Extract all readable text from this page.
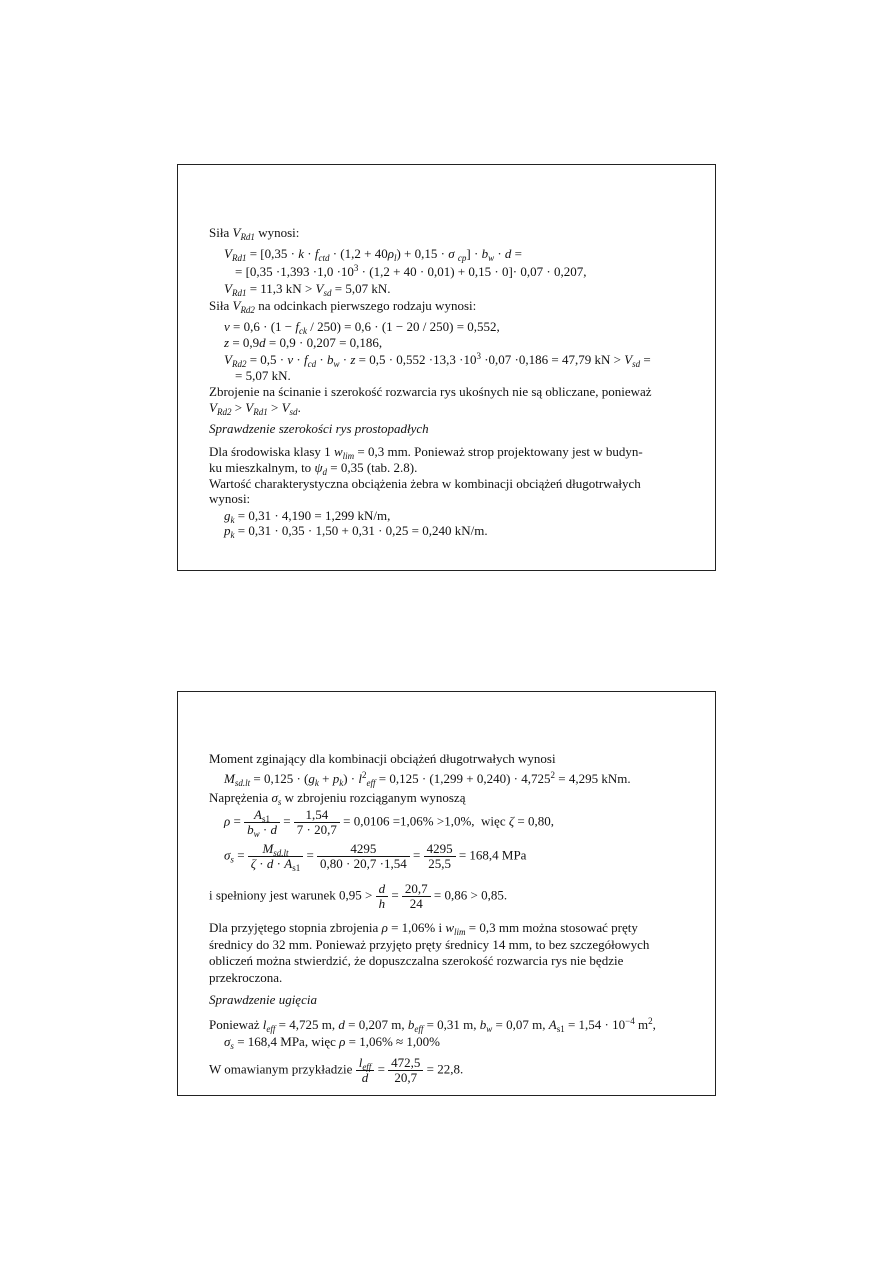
Siła $V_{Rd1}$ wynosi:
$V_{Rd1} = [0,35 \cdot k \cdot f_{ctd} \cdot (1,2 + 40\rho_l) + 0,15 \cdot \sigma$ $_{cp}] \cdot b_w \cdot d$ =
= $[0,35 \cdot 1,393 \cdot 1,0 \cdot 10^3 \cdot (1,2 + 40 \cdot 0,01) + 0,15 \cdot 0]\cdot 0,07 \cdot 0,207$,
$V_{Rd1} = 11,3$ kN > $V_{sd} = 5,07$ kN.
Siła $V_{Rd2}$ na odcinkach pierwszego rodzaju wynosi:
$\nu = 0,6 \cdot (1 - f_{ck} / 250) = 0,6 \cdot (1 - 20 / 250) = 0,552$,
z = 0,9d = 0,9 · 0,207 = 0,186,
$V_{Rd2} = 0,5 \cdot \nu \cdot f_{cd} \cdot b_w \cdot z = 0,5 \cdot 0,552 \cdot 13,3 \cdot 10^3 \cdot 0,07 \cdot 0,186 = 47,79$ kN > $V_{sd}$ =
= 5,07 kN.
Zbrojenie na ścinanie i szerokość rozwarcia rys ukośnych nie są obliczane, ponieważ
$V_{Rd2} > V_{Rd1} > V_{sd}$.
Sprawdzenie szerokości rys prostopadłych
Dla środowiska klasy 1 $w_{lim} = 0,3$ mm. Ponieważ strop projektowany jest w budyn-
ku mieszkalnym, to $\psi_d = 0,35$ (tab. 2.8).
Wartość charakterystyczna obciążenia żebra w kombinacji obciążeń długotrwałych
wynosi:
$g_k = 0,31 \cdot 4,190 = 1,299$ kN/m,
$p_k = 0,31 \cdot 0,35 \cdot 1,50 + 0,31 \cdot 0,25 = 0,240$ kN/m.
Moment zginający dla kombinacji obciążeń długotrwałych wynosi
$M_{sd.lt} = 0,125 \cdot (g_k + p_k) \cdot l^2_{eff} = 0,125 \cdot (1,299 + 0,240) \cdot 4,725^2 = 4,295$ kNm.
Naprężenia $\sigma_s$ w zbrojeniu rozciąganym wynoszą
$\rho = \frac{A_{s1}}{b_w \cdot d} = \frac{1,54}{7 \cdot 20,7} = 0,0106 =1,06\% >1,0\%$,  więc ζ = 0,80,
$\sigma_s = \frac{M_{sd.lt}}{\zeta \cdot d \cdot A_{s1}} = \frac{4295}{0,80 \cdot 20,7 \cdot 1,54} = \frac{4295}{25,5} = 168,4$ MPa
i spełniony jest warunek $0,95 > \frac{d}{h} = \frac{20,7}{24} = 0,86 > 0,85$.
Dla przyjętego stopnia zbrojenia ρ = 1,06% i $w_{lim} = 0,3$ mm można stosować pręty
średnicy do 32 mm. Ponieważ przyjęto pręty średnicy 14 mm, to bez szczegółowych
obliczeń można stwierdzić, że dopuszczalna szerokość rozwarcia rys nie będzie
przekroczona.
Sprawdzenie ugięcia
Ponieważ $l_{eff} = 4,725$ m, d = 0,207 m, $b_{eff} = 0,31$ m, $b_w = 0,07$ m, $A_{s1} = 1,54 \cdot 10^{-4}$ $m^2$,
$\sigma_s = 168,4$ MPa, więc ρ = 1,06% ≈ 1,00%
W omawianym przykładzie $\frac{l_{eff}}{d} = \frac{472,5}{20,7} = 22,8$.
